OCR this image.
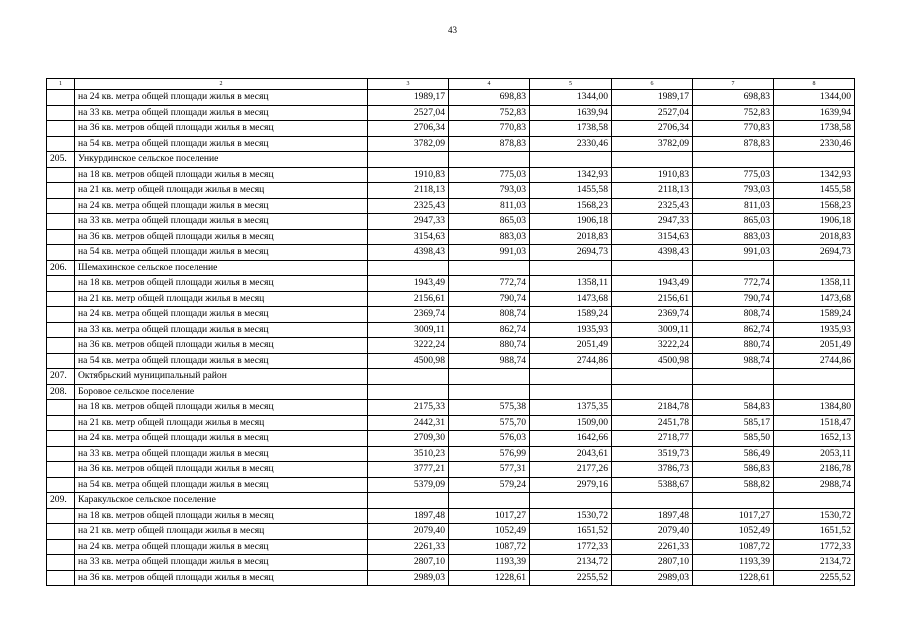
43
1	2	3	4	5	6	7	8
	на 24 кв. метра общей площади жилья в месяц	1989,17	698,83	1344,00	1989,17	698,83	1344,00
	на 33 кв. метра общей площади жилья в месяц	2527,04	752,83	1639,94	2527,04	752,83	1639,94
	на 36 кв. метров общей площади жилья в месяц	2706,34	770,83	1738,58	2706,34	770,83	1738,58
	на 54 кв. метра общей площади жилья в месяц	3782,09	878,83	2330,46	3782,09	878,83	2330,46
205.	Ункурдинское сельское поселение						
	на 18 кв. метров общей площади жилья в месяц	1910,83	775,03	1342,93	1910,83	775,03	1342,93
	на 21 кв. метр общей площади жилья в месяц	2118,13	793,03	1455,58	2118,13	793,03	1455,58
	на 24 кв. метра общей площади жилья в месяц	2325,43	811,03	1568,23	2325,43	811,03	1568,23
	на 33 кв. метра общей площади жилья в месяц	2947,33	865,03	1906,18	2947,33	865,03	1906,18
	на 36 кв. метров общей площади жилья в месяц	3154,63	883,03	2018,83	3154,63	883,03	2018,83
	на 54 кв. метра общей площади жилья в месяц	4398,43	991,03	2694,73	4398,43	991,03	2694,73
206.	Шемахинское сельское поселение						
	на 18 кв. метров общей площади жилья в месяц	1943,49	772,74	1358,11	1943,49	772,74	1358,11
	на 21 кв. метр общей площади жилья в месяц	2156,61	790,74	1473,68	2156,61	790,74	1473,68
	на 24 кв. метра общей площади жилья в месяц	2369,74	808,74	1589,24	2369,74	808,74	1589,24
	на 33 кв. метра общей площади жилья в месяц	3009,11	862,74	1935,93	3009,11	862,74	1935,93
	на 36 кв. метров общей площади жилья в месяц	3222,24	880,74	2051,49	3222,24	880,74	2051,49
	на 54 кв. метра общей площади жилья в месяц	4500,98	988,74	2744,86	4500,98	988,74	2744,86
207.	Октябрьский муниципальный район						
208.	Боровое сельское поселение						
	на 18 кв. метров общей площади жилья в месяц	2175,33	575,38	1375,35	2184,78	584,83	1384,80
	на 21 кв. метр общей площади жилья в месяц	2442,31	575,70	1509,00	2451,78	585,17	1518,47
	на 24 кв. метра общей площади жилья в месяц	2709,30	576,03	1642,66	2718,77	585,50	1652,13
	на 33 кв. метра общей площади жилья в месяц	3510,23	576,99	2043,61	3519,73	586,49	2053,11
	на 36 кв. метров общей площади жилья в месяц	3777,21	577,31	2177,26	3786,73	586,83	2186,78
	на 54 кв. метра общей площади жилья в месяц	5379,09	579,24	2979,16	5388,67	588,82	2988,74
209.	Каракульское сельское поселение						
	на 18 кв. метров общей площади жилья в месяц	1897,48	1017,27	1530,72	1897,48	1017,27	1530,72
	на 21 кв. метр общей площади жилья в месяц	2079,40	1052,49	1651,52	2079,40	1052,49	1651,52
	на 24 кв. метра общей площади жилья в месяц	2261,33	1087,72	1772,33	2261,33	1087,72	1772,33
	на 33 кв. метра общей площади жилья в месяц	2807,10	1193,39	2134,72	2807,10	1193,39	2134,72
	на 36 кв. метров общей площади жилья в месяц	2989,03	1228,61	2255,52	2989,03	1228,61	2255,52
